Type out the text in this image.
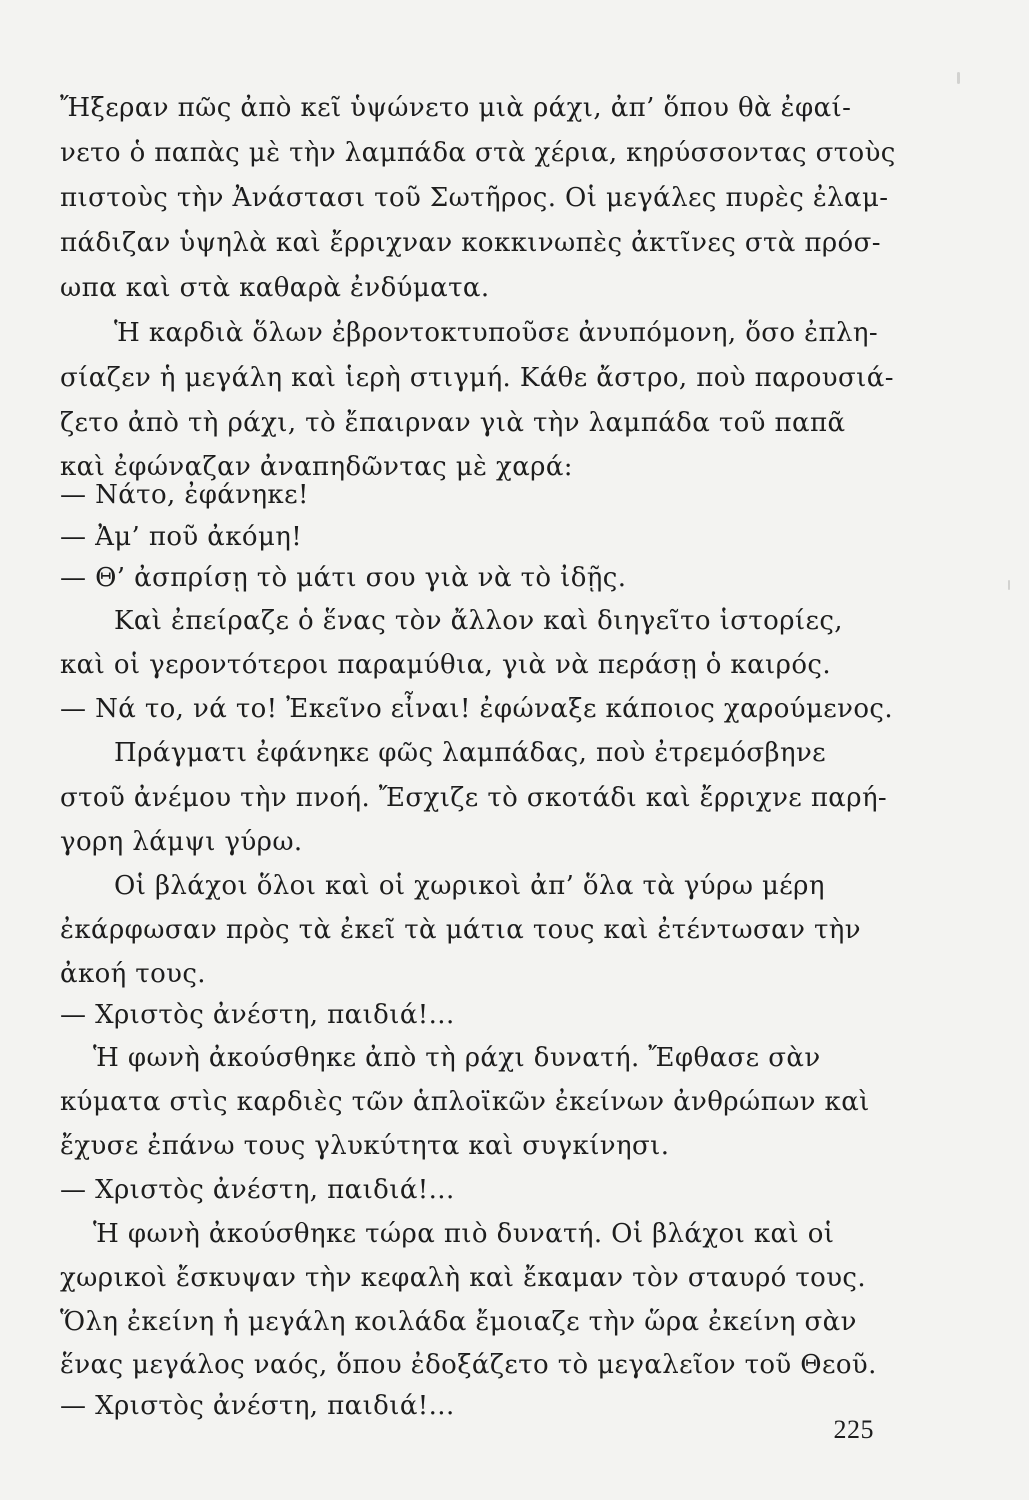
Ἤξεραν πῶς ἀπὸ κεῖ ὑψώνετο μιὰ ράχι, ἀπ’ ὅπου θὰ ἐφαί-
νετο ὁ παπὰς μὲ τὴν λαμπάδα στὰ χέρια, κηρύσσοντας στοὺς
πιστοὺς τὴν Ἀνάστασι τοῦ Σωτῆρος. Οἱ μεγάλες πυρὲς ἐλαμ-
πάδιζαν ὑψηλὰ καὶ ἔρριχναν κοκκινωπὲς ἀκτῖνες στὰ πρόσ-
ωπα καὶ στὰ καθαρὰ ἐνδύματα.
Ἡ καρδιὰ ὅλων ἐβροντοκτυποῦσε ἀνυπόμονη, ὅσο ἐπλη-
σίαζεν ἡ μεγάλη καὶ ἱερὴ στιγμή. Κάθε ἄστρο, ποὺ παρουσιά-
ζετο ἀπὸ τὴ ράχι, τὸ ἔπαιρναν γιὰ τὴν λαμπάδα τοῦ παπᾶ
καὶ ἐφώναζαν ἀναπηδῶντας μὲ χαρά:
— Νάτο, ἐφάνηκε!
— Ἀμ’ ποῦ ἀκόμη!
— Θ’ ἀσπρίσῃ τὸ μάτι σου γιὰ νὰ τὸ ἰδῇς.
Καὶ ἐπείραζε ὁ ἕνας τὸν ἄλλον καὶ διηγεῖτο ἱστορίες,
καὶ οἱ γεροντότεροι παραμύθια, γιὰ νὰ περάσῃ ὁ καιρός.
— Νά το, νά το! Ἐκεῖνο εἶναι! ἐφώναξε κάποιος χαρούμενος.
Πράγματι ἐφάνηκε φῶς λαμπάδας, ποὺ ἐτρεμόσβηνε
στοῦ ἀνέμου τὴν πνοή. Ἔσχιζε τὸ σκοτάδι καὶ ἔρριχνε παρή-
γορη λάμψι γύρω.
Οἱ βλάχοι ὅλοι καὶ οἱ χωρικοὶ ἀπ’ ὅλα τὰ γύρω μέρη
ἐκάρφωσαν πρὸς τὰ ἐκεῖ τὰ μάτια τους καὶ ἐτέντωσαν τὴν
ἀκοή τους.
— Χριστὸς ἀνέστη, παιδιά!...
Ἡ φωνὴ ἀκούσθηκε ἀπὸ τὴ ράχι δυνατή. Ἔφθασε σὰν
κύματα στὶς καρδιὲς τῶν ἁπλοϊκῶν ἐκείνων ἀνθρώπων καὶ
ἔχυσε ἐπάνω τους γλυκύτητα καὶ συγκίνησι.
— Χριστὸς ἀνέστη, παιδιά!...
Ἡ φωνὴ ἀκούσθηκε τώρα πιὸ δυνατή. Οἱ βλάχοι καὶ οἱ
χωρικοὶ ἔσκυψαν τὴν κεφαλὴ καὶ ἔκαμαν τὸν σταυρό τους.
Ὅλη ἐκείνη ἡ μεγάλη κοιλάδα ἔμοιαζε τὴν ὥρα ἐκείνη σὰν
ἕνας μεγάλος ναός, ὅπου ἐδοξάζετο τὸ μεγαλεῖον τοῦ Θεοῦ.
— Χριστὸς ἀνέστη, παιδιά!...
225
